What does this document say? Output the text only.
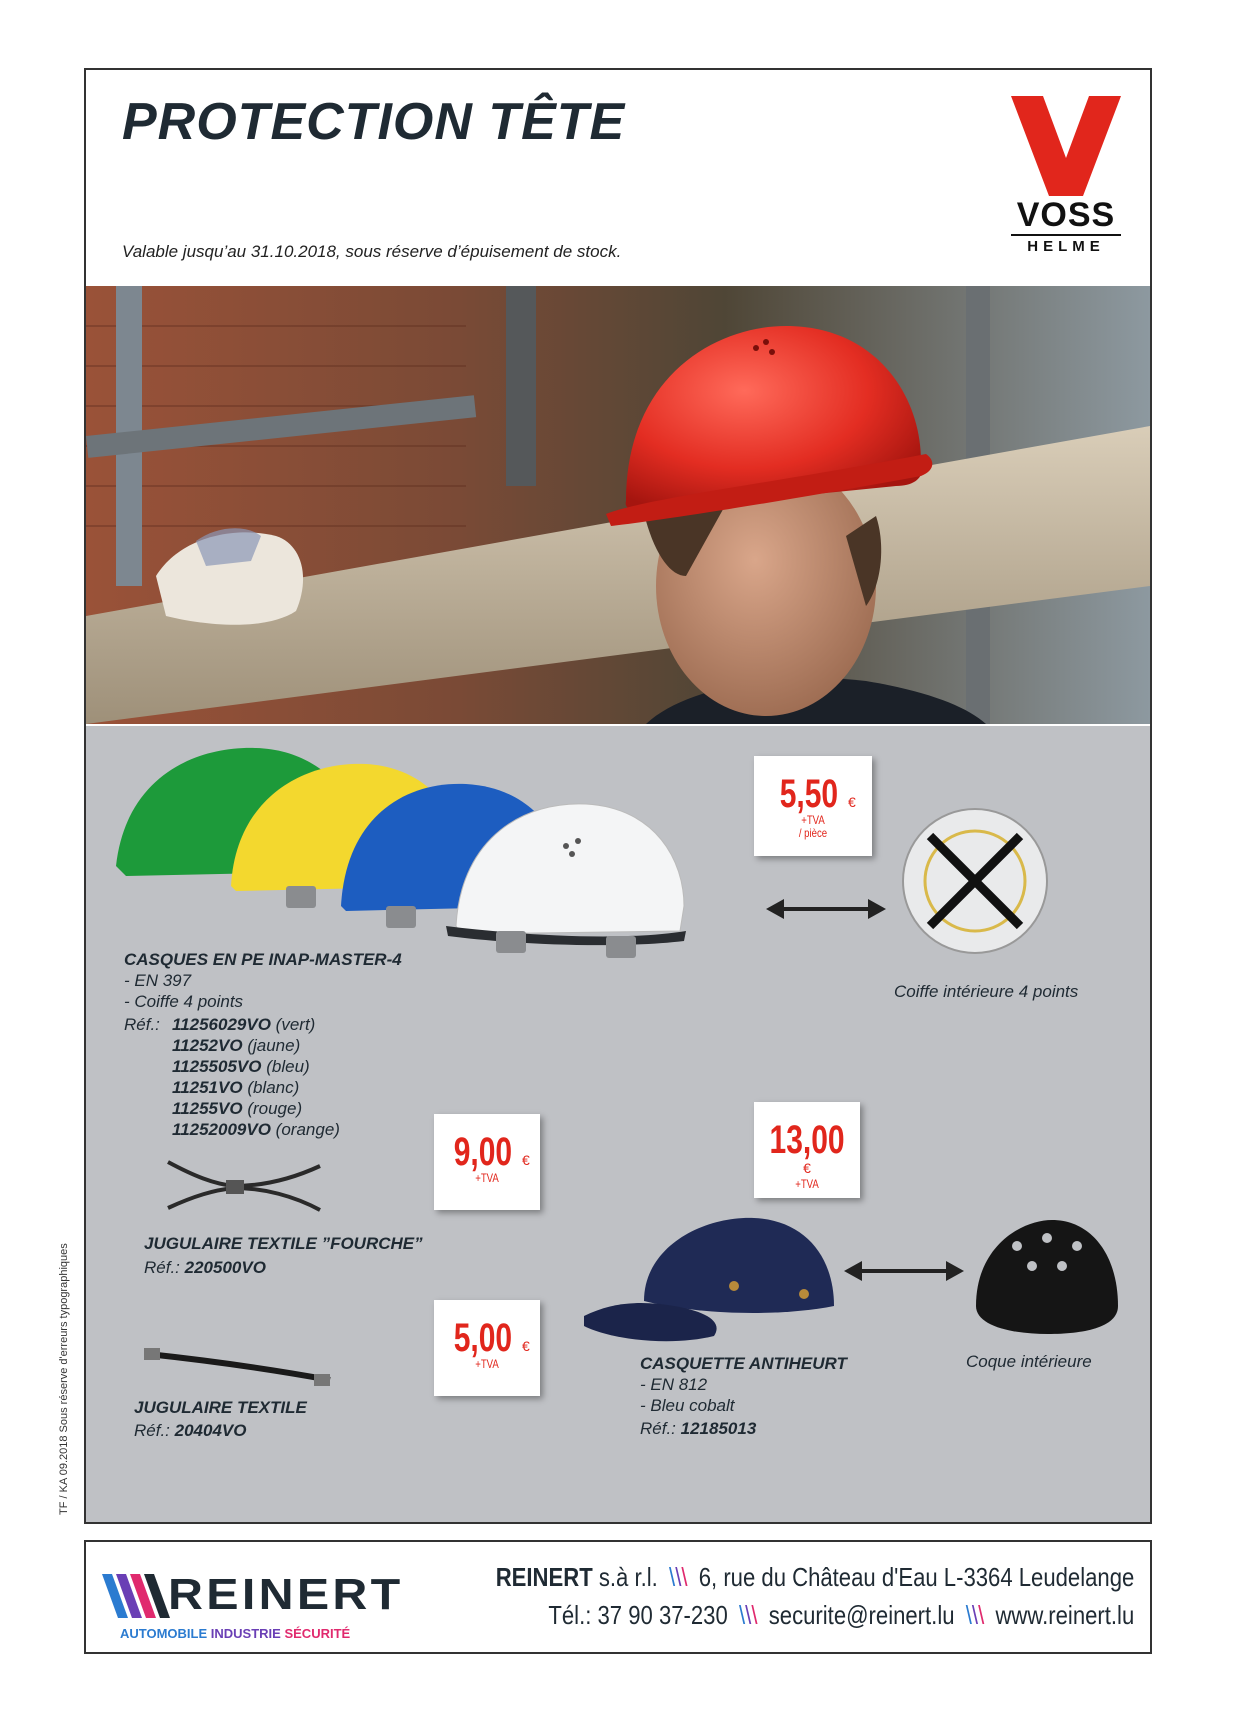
PROTECTION TÊTE
Valable jusqu’au 31.10.2018, sous réserve d’épuisement de stock.
VOSS
HELME
5,50 €
+TVA
/ pièce
Coiffe intérieure 4 points
CASQUES EN PE INAP-MASTER-4
- EN 397
- Coiffe 4 points
Réf.: 11256029VO (vert)
11252VO (jaune)
1125505VO (bleu)
11251VO (blanc)
11255VO (rouge)
11252009VO (orange)
9,00 €
+TVA
JUGULAIRE TEXTILE ”FOURCHE”
Réf.: 220500VO
5,00 €
+TVA
JUGULAIRE TEXTILE
Réf.: 20404VO
13,00€
+TVA
Coque intérieure
CASQUETTE ANTIHEURT
- EN 812
- Bleu cobalt
Réf.: 12185013
TF / KA 09.2018 Sous réserve d'erreurs typographiques
REINERT
AUTOMOBILE INDUSTRIE SÉCURITÉ
REINERT s.à r.l. \\\ 6, rue du Château d'Eau L-3364 Leudelange
Tél.: 37 90 37-230 \\\ securite@reinert.lu \\\ www.reinert.lu
